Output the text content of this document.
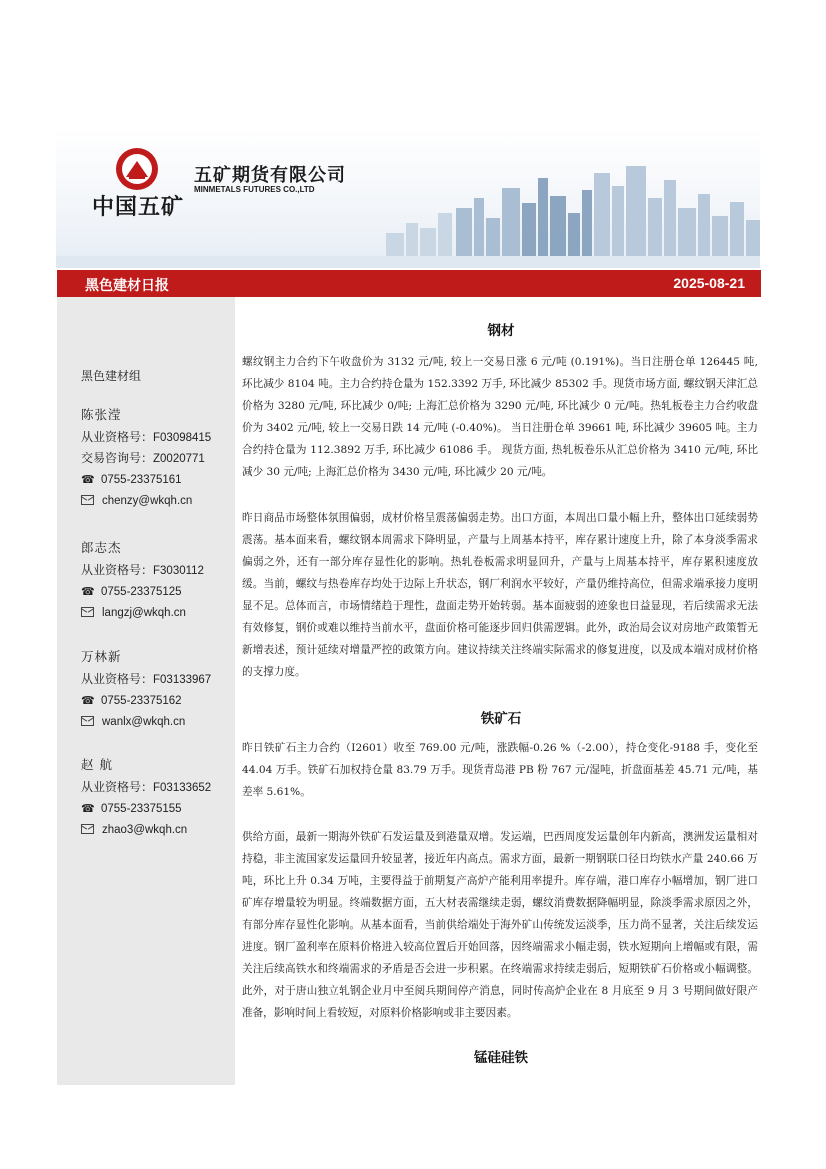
中国五矿
五矿期货有限公司
MINMETALS FUTURES CO.,LTD
黑色建材日报	2025-08-21
黑色建材组
陈张滢
从业资格号：F03098415
交易咨询号：Z0020771
☎ 0755-23375161
chenzy@wkqh.cn
郎志杰
从业资格号：F3030112
☎ 0755-23375125
langzj@wkqh.cn
万林新
从业资格号：F03133967
☎ 0755-23375162
wanlx@wkqh.cn
赵 航
从业资格号：F03133652
☎ 0755-23375155
zhao3@wkqh.cn
钢材

螺纹钢主力合约下午收盘价为 3132 元/吨, 较上一交易日涨 6 元/吨 (0.191%)。当日注册仓单 126445 吨, 环比减少 8104 吨。主力合约持仓量为 152.3392 万手, 环比减少 85302 手。现货市场方面, 螺纹钢天津汇总价格为 3280 元/吨, 环比减少 0/吨; 上海汇总价格为 3290 元/吨, 环比减少 0 元/吨。热轧板卷主力合约收盘价为 3402 元/吨, 较上一交易日跌 14 元/吨 (-0.40%)。 当日注册仓单 39661 吨, 环比减少 39605 吨。主力合约持仓量为 112.3892 万手, 环比减少 61086 手。 现货方面, 热轧板卷乐从汇总价格为 3410 元/吨, 环比减少 30 元/吨; 上海汇总价格为 3430 元/吨, 环比减少 20 元/吨。

昨日商品市场整体氛围偏弱，成材价格呈震荡偏弱走势。出口方面，本周出口量小幅上升，整体出口延续弱势震荡。基本面来看，螺纹钢本周需求下降明显，产量与上周基本持平，库存累计速度上升，除了本身淡季需求偏弱之外，还有一部分库存显性化的影响。热轧卷板需求明显回升，产量与上周基本持平，库存累积速度放缓。当前，螺纹与热卷库存均处于边际上升状态，钢厂利润水平较好，产量仍维持高位，但需求端承接力度明显不足。总体而言，市场情绪趋于理性，盘面走势开始转弱。基本面疲弱的迹象也日益显现，若后续需求无法有效修复，钢价或难以维持当前水平，盘面价格可能逐步回归供需逻辑。此外，政治局会议对房地产政策暂无新增表述，预计延续对增量严控的政策方向。建议持续关注终端实际需求的修复进度，以及成本端对成材价格的支撑力度。

铁矿石

昨日铁矿石主力合约（I2601）收至 769.00 元/吨，涨跌幅-0.26 %（-2.00），持仓变化-9188 手，变化至 44.04 万手。铁矿石加权持仓量 83.79 万手。现货青岛港 PB 粉 767 元/湿吨，折盘面基差 45.71 元/吨，基差率 5.61%。

供给方面，最新一期海外铁矿石发运量及到港量双增。发运端，巴西周度发运量创年内新高，澳洲发运量相对持稳，非主流国家发运量回升较显著，接近年内高点。需求方面，最新一期钢联口径日均铁水产量 240.66 万吨，环比上升 0.34 万吨，主要得益于前期复产高炉产能利用率提升。库存端，港口库存小幅增加，钢厂进口矿库存增量较为明显。终端数据方面，五大材表需继续走弱，螺纹消费数据降幅明显，除淡季需求原因之外，有部分库存显性化影响。从基本面看，当前供给端处于海外矿山传统发运淡季，压力尚不显著，关注后续发运进度。钢厂盈利率在原料价格进入较高位置后开始回落，因终端需求小幅走弱，铁水短期向上增幅或有限，需关注后续高铁水和终端需求的矛盾是否会进一步积累。在终端需求持续走弱后，短期铁矿石价格或小幅调整。此外，对于唐山独立轧钢企业月中至阅兵期间停产消息，同时传高炉企业在 8 月底至 9 月 3 号期间做好限产准备，影响时间上看较短，对原料价格影响或非主要因素。

锰硅硅铁
